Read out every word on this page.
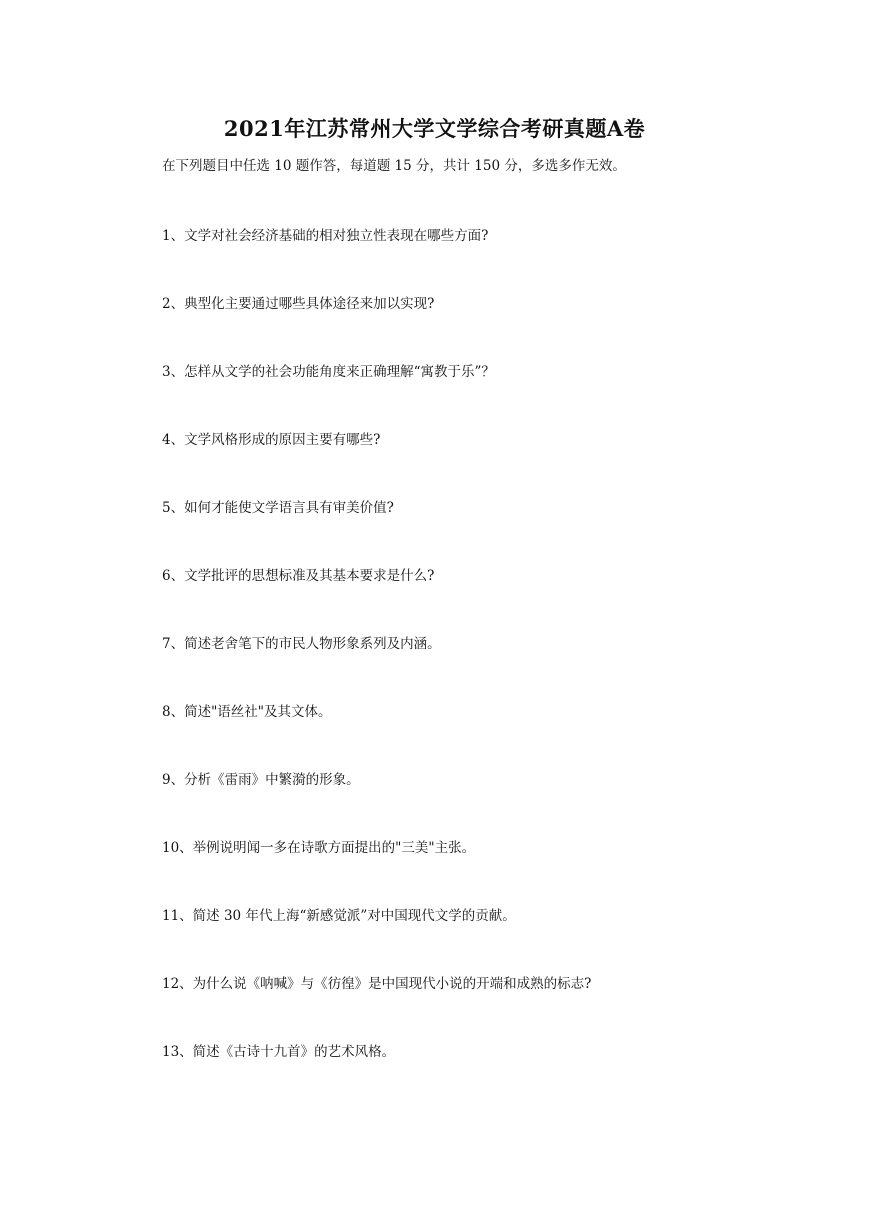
2021年江苏常州大学文学综合考研真题A卷

在下列题目中任选 10 题作答，每道题 15 分，共计 150 分，多选多作无效。

1、文学对社会经济基础的相对独立性表现在哪些方面?
2、典型化主要通过哪些具体途径来加以实现?
3、怎样从文学的社会功能角度来正确理解“寓教于乐”？
4、文学风格形成的原因主要有哪些?
5、如何才能使文学语言具有审美价值?
6、文学批评的思想标准及其基本要求是什么?
7、简述老舍笔下的市民人物形象系列及内涵。
8、简述"语丝社"及其文体。
9、分析《雷雨》中繁漪的形象。
10、举例说明闻一多在诗歌方面提出的"三美"主张。
11、简述 30 年代上海“新感觉派”对中国现代文学的贡献。
12、为什么说《呐喊》与《彷徨》是中国现代小说的开端和成熟的标志?
13、简述《古诗十九首》的艺术风格。
